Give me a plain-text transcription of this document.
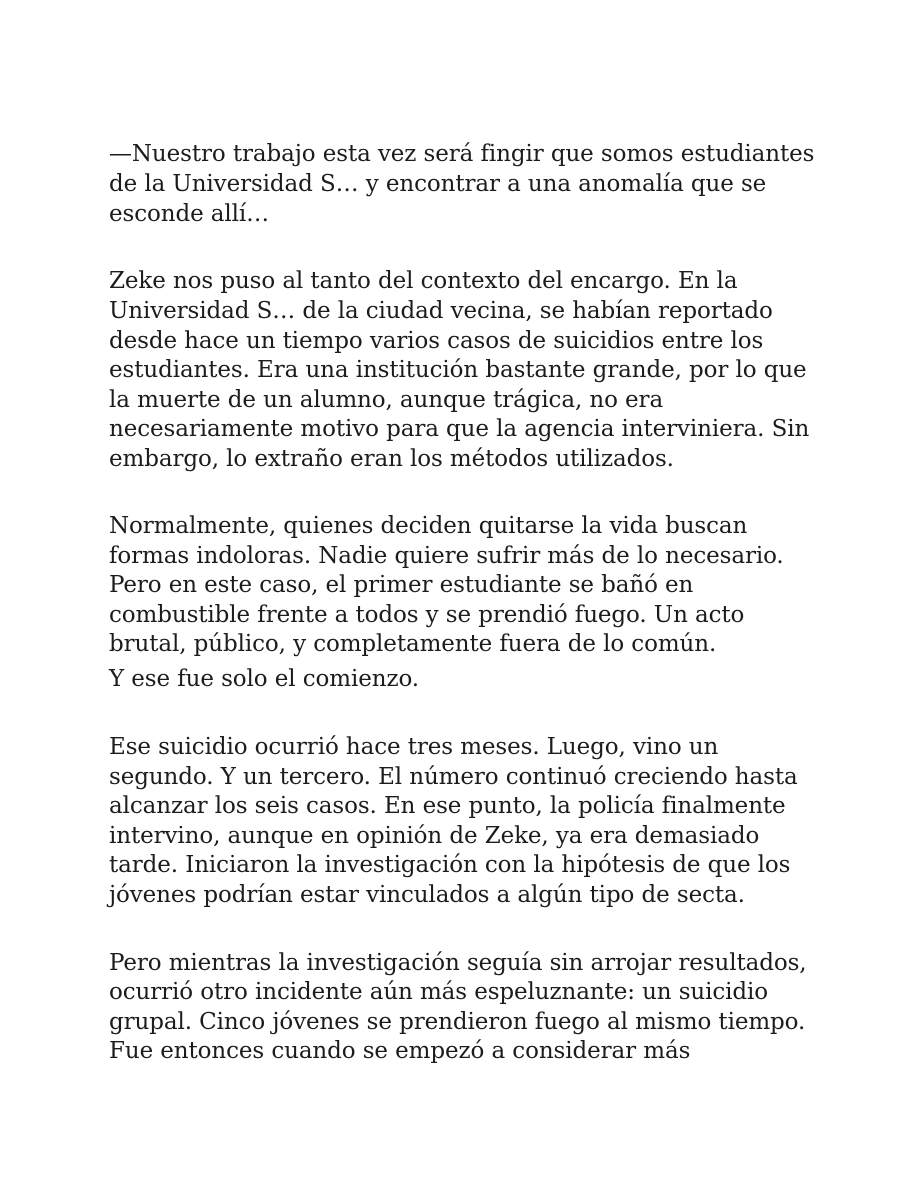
—Nuestro trabajo esta vez será fingir que somos estudiantes

de la Universidad S… y encontrar a una anomalía que se

esconde allí…

Zeke nos puso al tanto del contexto del encargo. En la

Universidad S… de la ciudad vecina, se habían reportado

desde hace un tiempo varios casos de suicidios entre los

estudiantes. Era una institución bastante grande, por lo que

la muerte de un alumno, aunque trágica, no era

necesariamente motivo para que la agencia interviniera. Sin

embargo, lo extraño eran los métodos utilizados.

Normalmente, quienes deciden quitarse la vida buscan

formas indoloras. Nadie quiere sufrir más de lo necesario.

Pero en este caso, el primer estudiante se bañó en

combustible frente a todos y se prendió fuego. Un acto

brutal, público, y completamente fuera de lo común.

Y ese fue solo el comienzo.

Ese suicidio ocurrió hace tres meses. Luego, vino un

segundo. Y un tercero. El número continuó creciendo hasta

alcanzar los seis casos. En ese punto, la policía finalmente

intervino, aunque en opinión de Zeke, ya era demasiado

tarde. Iniciaron la investigación con la hipótesis de que los

jóvenes podrían estar vinculados a algún tipo de secta.

Pero mientras la investigación seguía sin arrojar resultados,

ocurrió otro incidente aún más espeluznante: un suicidio

grupal. Cinco jóvenes se prendieron fuego al mismo tiempo.

Fue entonces cuando se empezó a considerar más
